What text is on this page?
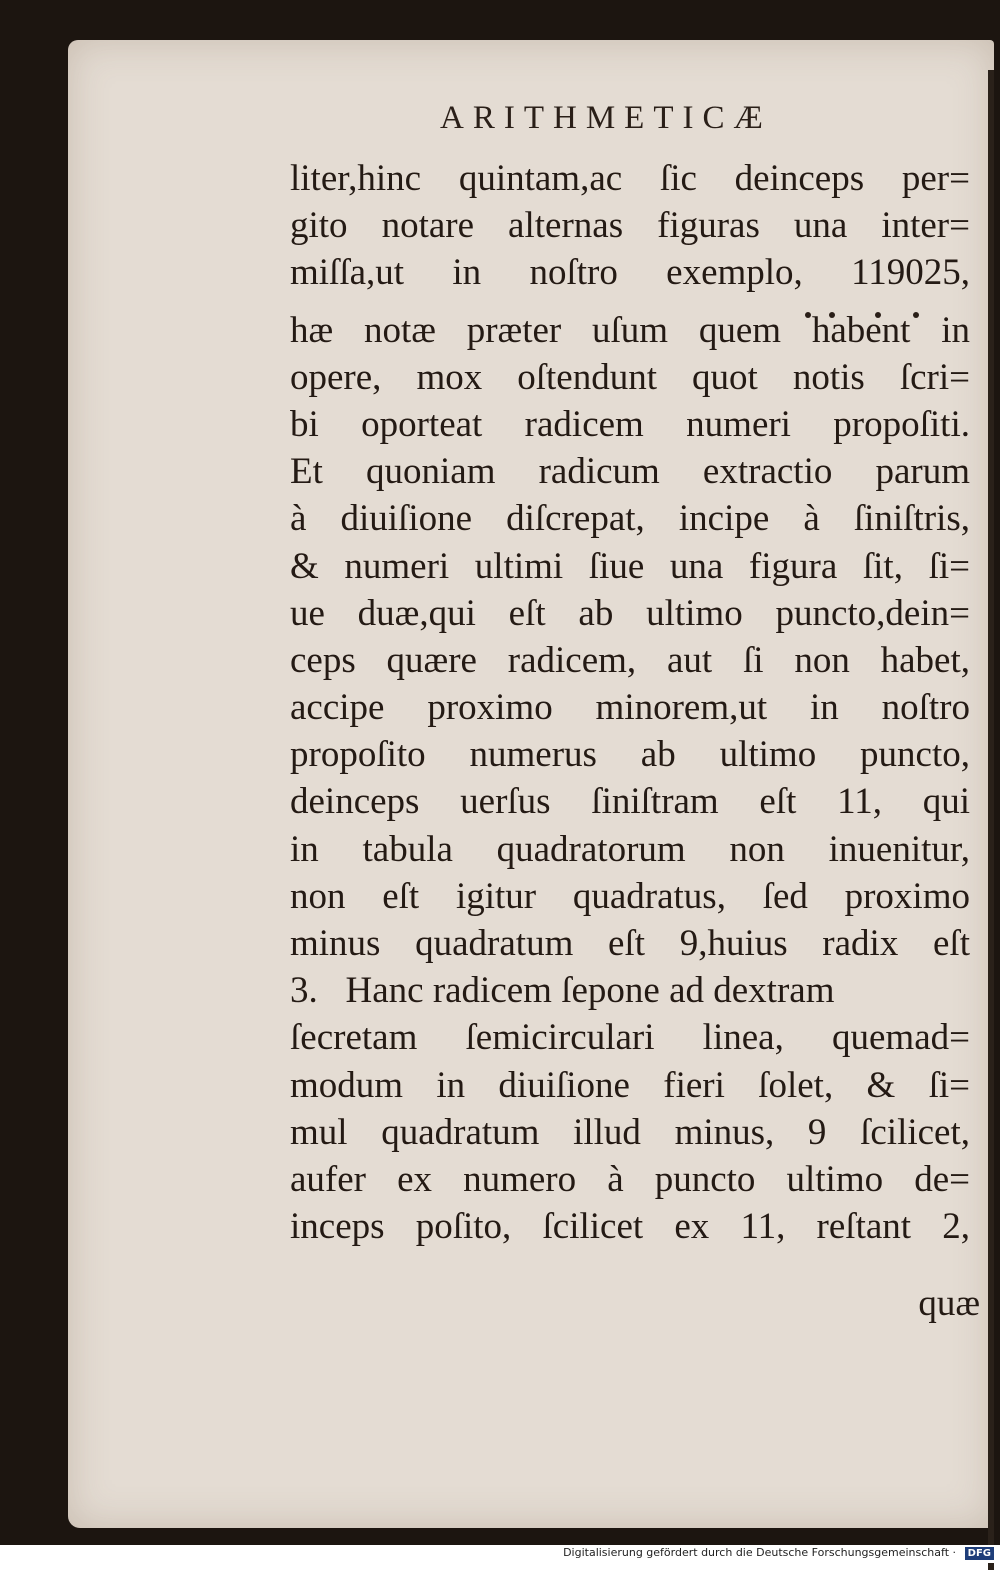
ARITHMETICÆ
liter,hinc quintam,ac ſic deinceps per=
gito notare alternas figuras una inter=
miſſa,ut in noſtro exemplo, 119025,
hæ notæ præter uſum quem habent in
opere, mox oſtendunt quot notis ſcri=
bi oporteat radicem numeri propoſiti.
Et quoniam radicum extractio parum
à diuiſione diſcrepat, incipe à ſiniſtris,
& numeri ultimi ſiue una figura ſit, ſi=
ue duæ,qui eſt ab ultimo puncto,dein=
ceps quære radicem, aut ſi non habet,
accipe proximo minorem,ut in noſtro
propoſito numerus ab ultimo puncto,
deinceps uerſus ſiniſtram eſt 11, qui
in tabula quadratorum non inuenitur,
non eſt igitur quadratus, ſed proximo
minus quadratum eſt 9,huius radix eſt
3.   Hanc radicem ſepone ad dextram
ſecretam ſemicirculari linea, quemad=
modum in diuiſione fieri ſolet, & ſi=
mul quadratum illud minus, 9 ſcilicet,
aufer ex numero à puncto ultimo de=
inceps poſito, ſcilicet ex 11, reſtant 2,
quæ
Digitalisierung gefördert durch die Deutsche Forschungsgemeinschaft ·	DFG
